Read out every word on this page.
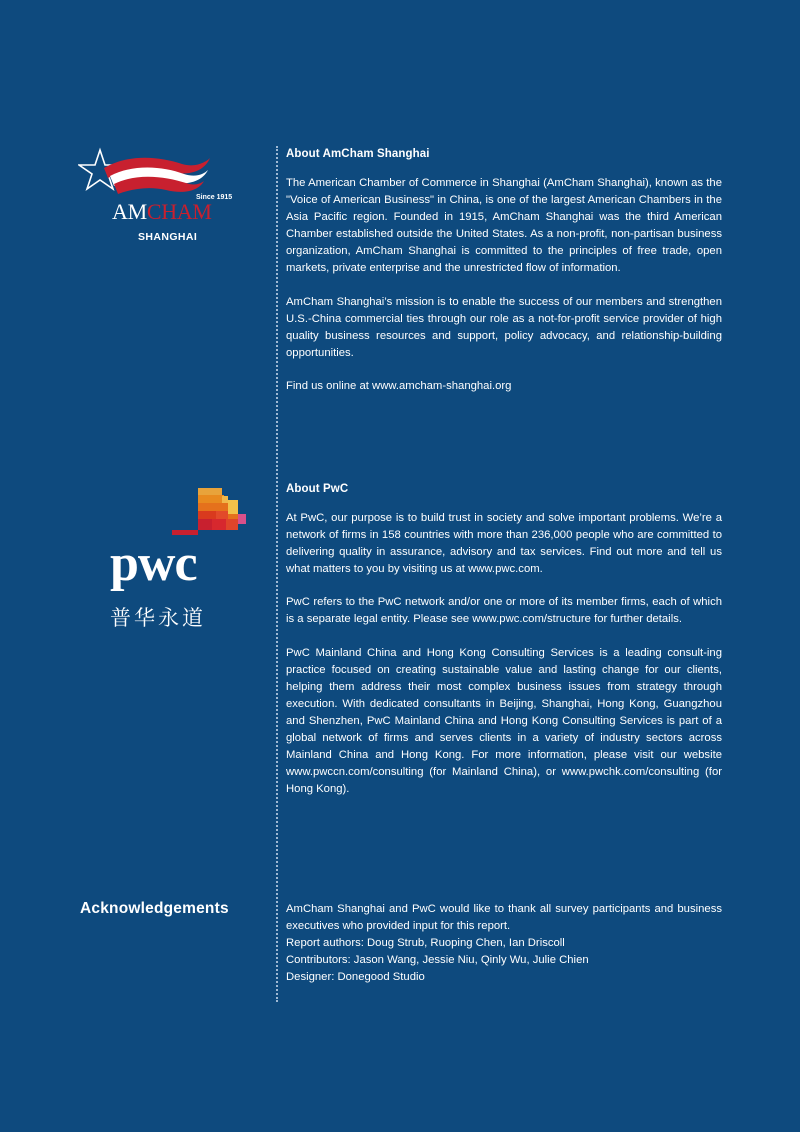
Since 1915
AMCHAM
SHANGHAI
pwc
普华永道
Acknowledgements
About AmCham Shanghai

The American Chamber of Commerce in Shanghai (AmCham Shanghai), known as the "Voice of American Business" in China, is one of the largest American Chambers in the Asia Pacific region. Founded in 1915, AmCham Shanghai was the third American Chamber established outside the United States. As a non-profit, non-partisan business organization, AmCham Shanghai is committed to the principles of free trade, open markets, private enterprise and the unrestricted flow of information.

AmCham Shanghai’s mission is to enable the success of our members and strengthen U.S.-China commercial ties through our role as a not-for-profit service provider of high quality business resources and support, policy advocacy, and relationship-building opportunities.

Find us online at www.amcham-shanghai.org

About PwC

At PwC, our purpose is to build trust in society and solve important problems. We’re a network of firms in 158 countries with more than 236,000 people who are committed to delivering quality in assurance, advisory and tax services. Find out more and tell us what matters to you by visiting us at www.pwc.com.

PwC refers to the PwC network and/or one or more of its member firms, each of which is a separate legal entity. Please see www.pwc.com/structure for further details.

PwC Mainland China and Hong Kong Consulting Services is a leading consult-ing practice focused on creating sustainable value and lasting change for our clients, helping them address their most complex business issues from strategy through execution. With dedicated consultants in Beijing, Shanghai, Hong Kong, Guangzhou and Shenzhen, PwC Mainland China and Hong Kong Consulting Services is part of a global network of firms and serves clients in a variety of industry sectors across Mainland China and Hong Kong. For more information, please visit our website www.pwccn.com/consulting (for Mainland China), or www.pwchk.com/consulting (for Hong Kong).

AmCham Shanghai and PwC would like to thank all survey participants and business executives who provided input for this report.
Report authors: Doug Strub, Ruoping Chen, Ian Driscoll
Contributors: Jason Wang, Jessie Niu, Qinly Wu, Julie Chien
Designer: Donegood Studio
